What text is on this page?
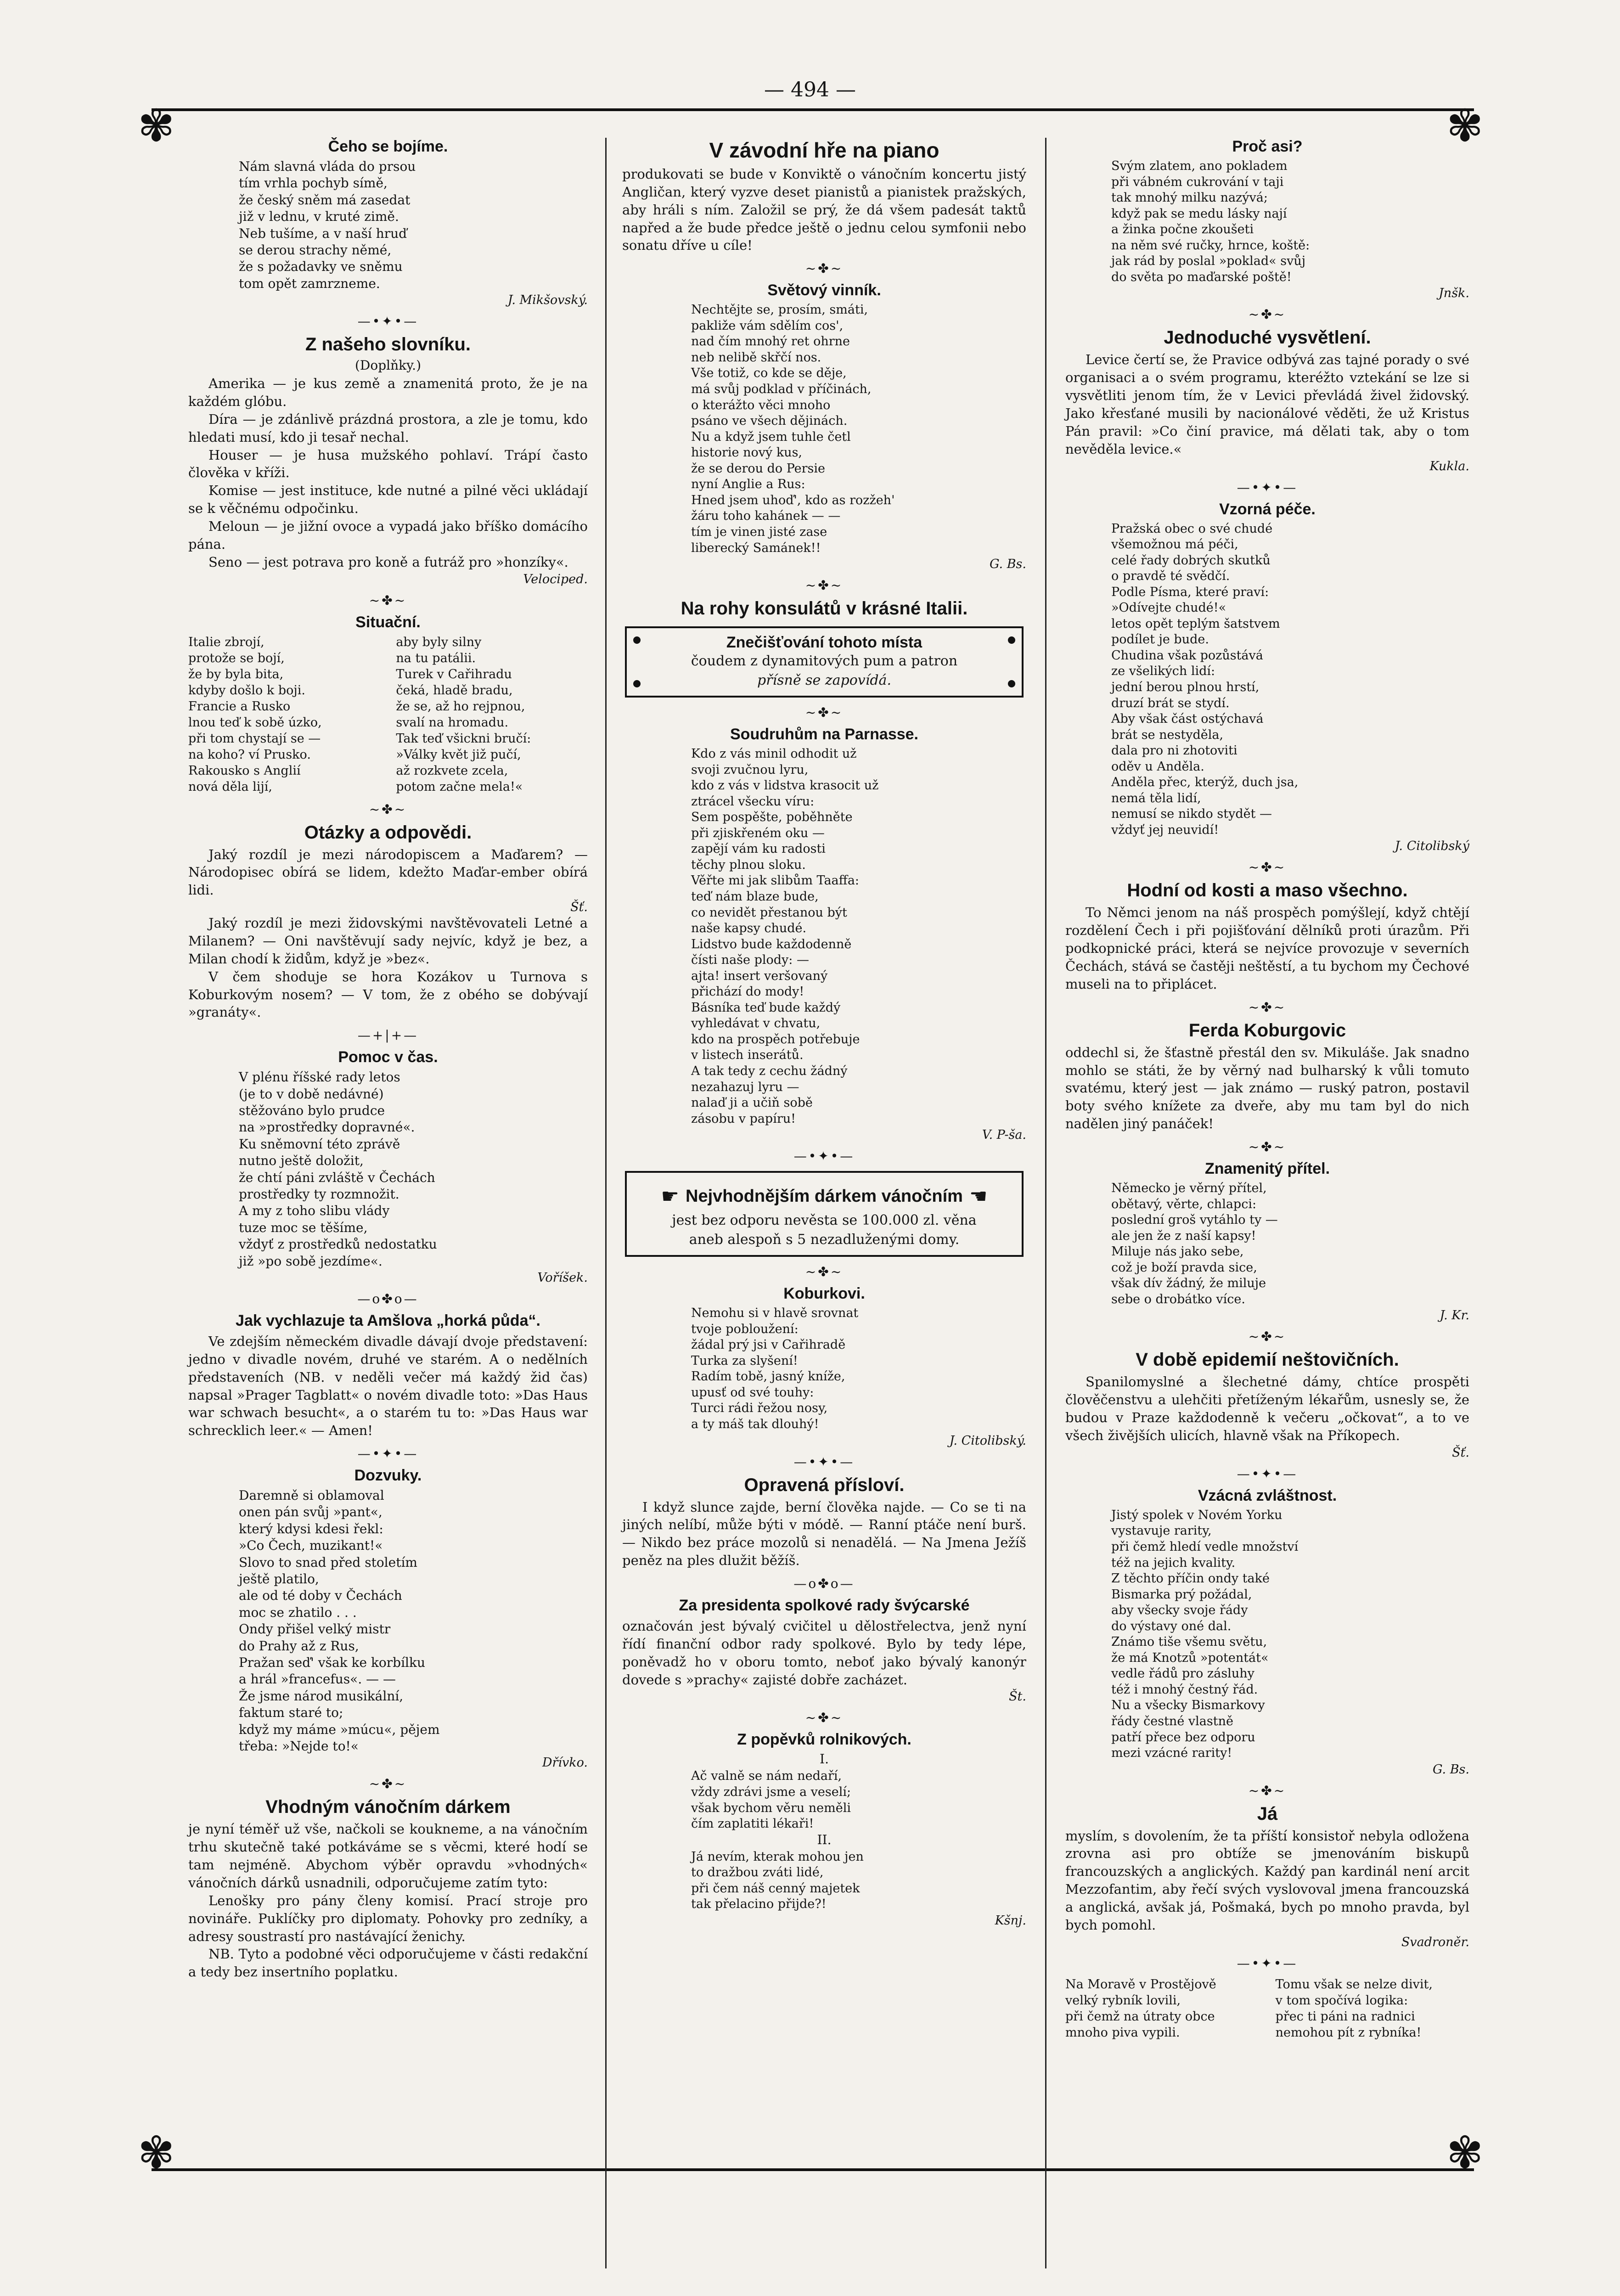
— 494 —
✾	✾
✾	✾
Čeho se bojíme.
Nám slavná vláda do prsou
tím vrhla pochyb símě,
že český sněm má zasedat
již v lednu, v kruté zimě.
Neb tušíme, a v naší hruď
se derou strachy němé,
že s požadavky ve sněmu
tom opět zamrzneme.
J. Mikšovský.
—•✦•—
Z našeho slovníku.
(Doplňky.)

Amerika — je kus země a znamenitá proto, že je na každém glóbu.

Díra — je zdánlivě prázdná prostora, a zle je tomu, kdo hledati musí, kdo ji tesař nechal.

Houser — je husa mužského pohlaví. Trápí často člověka v kříži.

Komise — jest instituce, kde nutné a pilné věci ukládají se k věčnému odpočinku.

Meloun — je jižní ovoce a vypadá jako bříško domácího pána.

Seno — jest potrava pro koně a futráž pro »honzíky«.

Velociped.
~✤~
Situační.
Italie zbrojí,
protože se bojí,
že by byla bita,
kdyby došlo k boji.
Francie a Rusko
lnou teď k sobě úzko,
při tom chystají se —
na koho? ví Prusko.
Rakousko s Anglií
nová děla lijí,
aby byly silny
na tu patálii.
Turek v Cařihradu
čeká, hladě bradu,
že se, až ho rejpnou,
svalí na hromadu.
Tak teď všickni bručí:
»Války květ již pučí,
až rozkvete zcela,
potom začne mela!«
~✤~
Otázky a odpovědi.

Jaký rozdíl je mezi národopiscem a Maďarem? — Národopisec obírá se lidem, kdežto Maďar-ember obírá lidi.

Šť.

Jaký rozdíl je mezi židovskými navštěvovateli Letné a Milanem? — Oni navštěvují sady nejvíc, když je bez, a Milan chodí k židům, když je »bez«.

V čem shoduje se hora Kozákov u Turnova s Koburkovým nosem? — V tom, že z obého se dobývají »granáty«.

—+|+—
Pomoc v čas.
V plénu říšské rady letos
(je to v době nedávné)
stěžováno bylo prudce
na »prostředky dopravné«.
Ku sněmovní této zprávě
nutno ještě doložit,
že chtí páni zvláště v Čechách
prostředky ty rozmnožit.
A my z toho slibu vlády
tuze moc se těšíme,
vždyť z prostředků nedostatku
již »po sobě jezdíme«.
Voříšek.
—o✤o—
Jak vychlazuje ta Amšlova „horká půda“.

Ve zdejším německém divadle dávají dvoje představení: jedno v divadle novém, druhé ve starém. A o nedělních představeních (NB. v neděli večer má každý žid čas) napsal »Prager Tagblatt« o novém divadle toto: »Das Haus war schwach besucht«, a o starém tu to: »Das Haus war schrecklich leer.« — Amen!

—•✦•—
Dozvuky.
Daremně si oblamoval
onen pán svůj »pant«,
který kdysi kdesi řekl:
»Co Čech, muzikant!«
Slovo to snad před stoletím
ještě platilo,
ale od té doby v Čechách
moc se zhatilo . . .
Ondy přišel velký mistr
do Prahy až z Rus,
Pražan seď' však ke korbílku
a hrál »francefus«. — —
Že jsme národ musikální,
faktum staré to;
když my máme »múcu«, pějem
třeba: »Nejde to!«
Dřívko.
~✤~
Vhodným vánočním dárkem

je nyní téměř už vše, načkoli se koukneme, a na vánočním trhu skutečně také potkáváme se s věcmi, které hodí se tam nejméně. Abychom výběr opravdu »vhodných« vánočních dárků usnadnili, odporučujeme zatím tyto:

Lenošky pro pány členy komisí. Prací stroje pro novináře. Puklíčky pro diplomaty. Pohovky pro zedníky, a adresy soustrastí pro nastávající ženichy.

NB. Tyto a podobné věci odporučujeme v části redakční a tedy bez insertního poplatku.

V závodní hře na piano

produkovati se bude v Konviktě o vánočním koncertu jistý Angličan, který vyzve deset pianistů a pianistek pražských, aby hráli s ním. Založil se prý, že dá všem padesát taktů napřed a že bude předce ještě o jednu celou symfonii nebo sonatu dříve u cíle!

~✤~
Světový vinník.
Nechtějte se, prosím, smáti,
pakliže vám sdělím cos',
nad čím mnohý ret ohrne
neb nelibě skřčí nos.
Vše totiž, co kde se děje,
má svůj podklad v příčinách,
o kterážto věci mnoho
psáno ve všech dějinách.
Nu a když jsem tuhle četl
historie nový kus,
že se derou do Persie
nyní Anglie a Rus:
Hned jsem uhoď', kdo as rozžeh'
žáru toho kahánek — —
tím je vinen jisté zase
liberecký Samánek!!
G. Bs.
~✤~
Na rohy konsulátů v krásné Italii.
Znečišťování tohoto místa
čoudem z dynamitových pum a patron
přísně se zapovídá.
~✤~
Soudruhům na Parnasse.
Kdo z vás minil odhodit už
svoji zvučnou lyru,
kdo z vás v lidstva krasocit už
ztrácel všecku víru:
Sem pospěšte, poběhněte
při zjiskřeném oku —
zapějí vám ku radosti
těchy plnou sloku.
Věřte mi jak slibům Taaffa:
teď nám blaze bude,
co nevidět přestanou být
naše kapsy chudé.
Lidstvo bude každodenně
čísti naše plody: —
ajta! insert veršovaný
přichází do mody!
Básníka teď bude každý
vyhledávat v chvatu,
kdo na prospěch potřebuje
v listech inserátů.
A tak tedy z cechu žádný
nezahazuj lyru —
nalaď ji a učiň sobě
zásobu v papíru!
V. P-ša.
—•✦•—
☛ Nejvhodnějším dárkem vánočním ☚
jest bez odporu nevěsta se 100.000 zl. věna
aneb alespoň s 5 nezadluženými domy.
~✤~
Koburkovi.
Nemohu si v hlavě srovnat
tvoje pobloužení:
žádal prý jsi v Cařihradě
Turka za slyšení!
Radím tobě, jasný kníže,
upusť od své touhy:
Turci rádi řežou nosy,
a ty máš tak dlouhý!
J. Citolibský.
—•✦•—
Opravená přísloví.

I když slunce zajde, berní člověka najde. — Co se ti na jiných nelíbí, může býti v módě. — Ranní ptáče není burš. — Nikdo bez práce mozolů si nenadělá. — Na Jmena Ježíš peněz na ples dlužit běžíš.

—o✤o—
Za presidenta spolkové rady švýcarské

označován jest bývalý cvičitel u dělostřelectva, jenž nyní řídí finanční odbor rady spolkové. Bylo by tedy lépe, poněvadž ho v oboru tomto, neboť jako bývalý kanonýr dovede s »prachy« zajisté dobře zacházet.

Št.
~✤~
Z popěvků rolnikových.
I.
Ač valně se nám nedaří,
vždy zdrávi jsme a veselí;
však bychom věru neměli
čím zaplatiti lékaři!
II.
Já nevím, kterak mohou jen
to dražbou zváti lidé,
při čem náš cenný majetek
tak přelacino přijde?!
Kšnj.
Proč asi?
Svým zlatem, ano pokladem
při vábném cukrování v taji
tak mnohý milku nazývá;
když pak se medu lásky nají
a žinka počne zkoušeti
na něm své ručky, hrnce, koště:
jak rád by poslal »poklad« svůj
do světa po maďarské poště!
Jnšk.
~✤~
Jednoduché vysvětlení.

Levice čertí se, že Pravice odbývá zas tajné porady o své organisaci a o svém programu, kteréžto vztekání se lze si vysvětliti jenom tím, že v Levici převládá živel židovský. Jako křesťané musili by nacionálové věděti, že už Kristus Pán pravil: »Co činí pravice, má dělati tak, aby o tom nevěděla levice.«

Kukla.
—•✦•—
Vzorná péče.
Pražská obec o své chudé
všemožnou má péči,
celé řady dobrých skutků
o pravdě té svědčí.
Podle Písma, které praví:
»Odívejte chudé!«
letos opět teplým šatstvem
podílet je bude.
Chudina však pozůstává
ze všelikých lidí:
jední berou plnou hrstí,
druzí brát se stydí.
Aby však část ostýchavá
brát se nestyděla,
dala pro ni zhotoviti
oděv u Anděla.
Anděla přec, kterýž, duch jsa,
nemá těla lidí,
nemusí se nikdo stydět —
vždyť jej neuvidí!
J. Citolibský
~✤~
Hodní od kosti a maso všechno.

To Němci jenom na náš prospěch pomýšlejí, když chtějí rozdělení Čech i při pojišťování dělníků proti úrazům. Při podkopnické práci, která se nejvíce provozuje v severních Čechách, stává se častěji neštěstí, a tu bychom my Čechové museli na to připlácet.

~✤~
Ferda Koburgovic

oddechl si, že šťastně přestál den sv. Mikuláše. Jak snadno mohlo se státi, že by věrný nad bulharský k vůli tomuto svatému, který jest — jak známo — ruský patron, postavil boty svého knížete za dveře, aby mu tam byl do nich nadělen jiný panáček!

~✤~
Znamenitý přítel.
Německo je věrný přítel,
obětavý, věrte, chlapci:
poslední groš vytáhlo ty —
ale jen že z naší kapsy!
Miluje nás jako sebe,
což je boží pravda sice,
však dív žádný, že miluje
sebe o drobátko více.
J. Kr.
~✤~
V době epidemií neštovičních.

Spanilomyslné a šlechetné dámy, chtíce prospěti člověčenstvu a ulehčiti přetíženým lékařům, usnesly se, že budou v Praze každodenně k večeru „očkovat“, a to ve všech živějších ulicích, hlavně však na Příkopech.

Šť.
—•✦•—
Vzácná zvláštnost.
Jistý spolek v Novém Yorku
vystavuje rarity,
při čemž hledí vedle množství
též na jejich kvality.
Z těchto příčin ondy také
Bismarka prý požádal,
aby všecky svoje řády
do výstavy oné dal.
Známo tiše všemu světu,
že má Knotzů »potentát«
vedle řádů pro zásluhy
též i mnohý čestný řád.
Nu a všecky Bismarkovy
řády čestné vlastně
patří přece bez odporu
mezi vzácné rarity!
G. Bs.
~✤~
Já

myslím, s dovolením, že ta příští konsistoř nebyla odložena zrovna asi pro obtíže se jmenováním biskupů francouzských a anglických. Každý pan kardinál není arcit Mezzofantim, aby řečí svých vyslovoval jmena francouzská a anglická, avšak já, Pošmaká, bych po mnoho pravda, byl bych pomohl.

Svadroněr.
—•✦•—
Na Moravě v Prostějově
velký rybník lovili,
při čemž na útraty obce
mnoho piva vypili.
Tomu však se nelze divit,
v tom spočívá logika:
přec ti páni na radnici
nemohou pít z rybníka!
